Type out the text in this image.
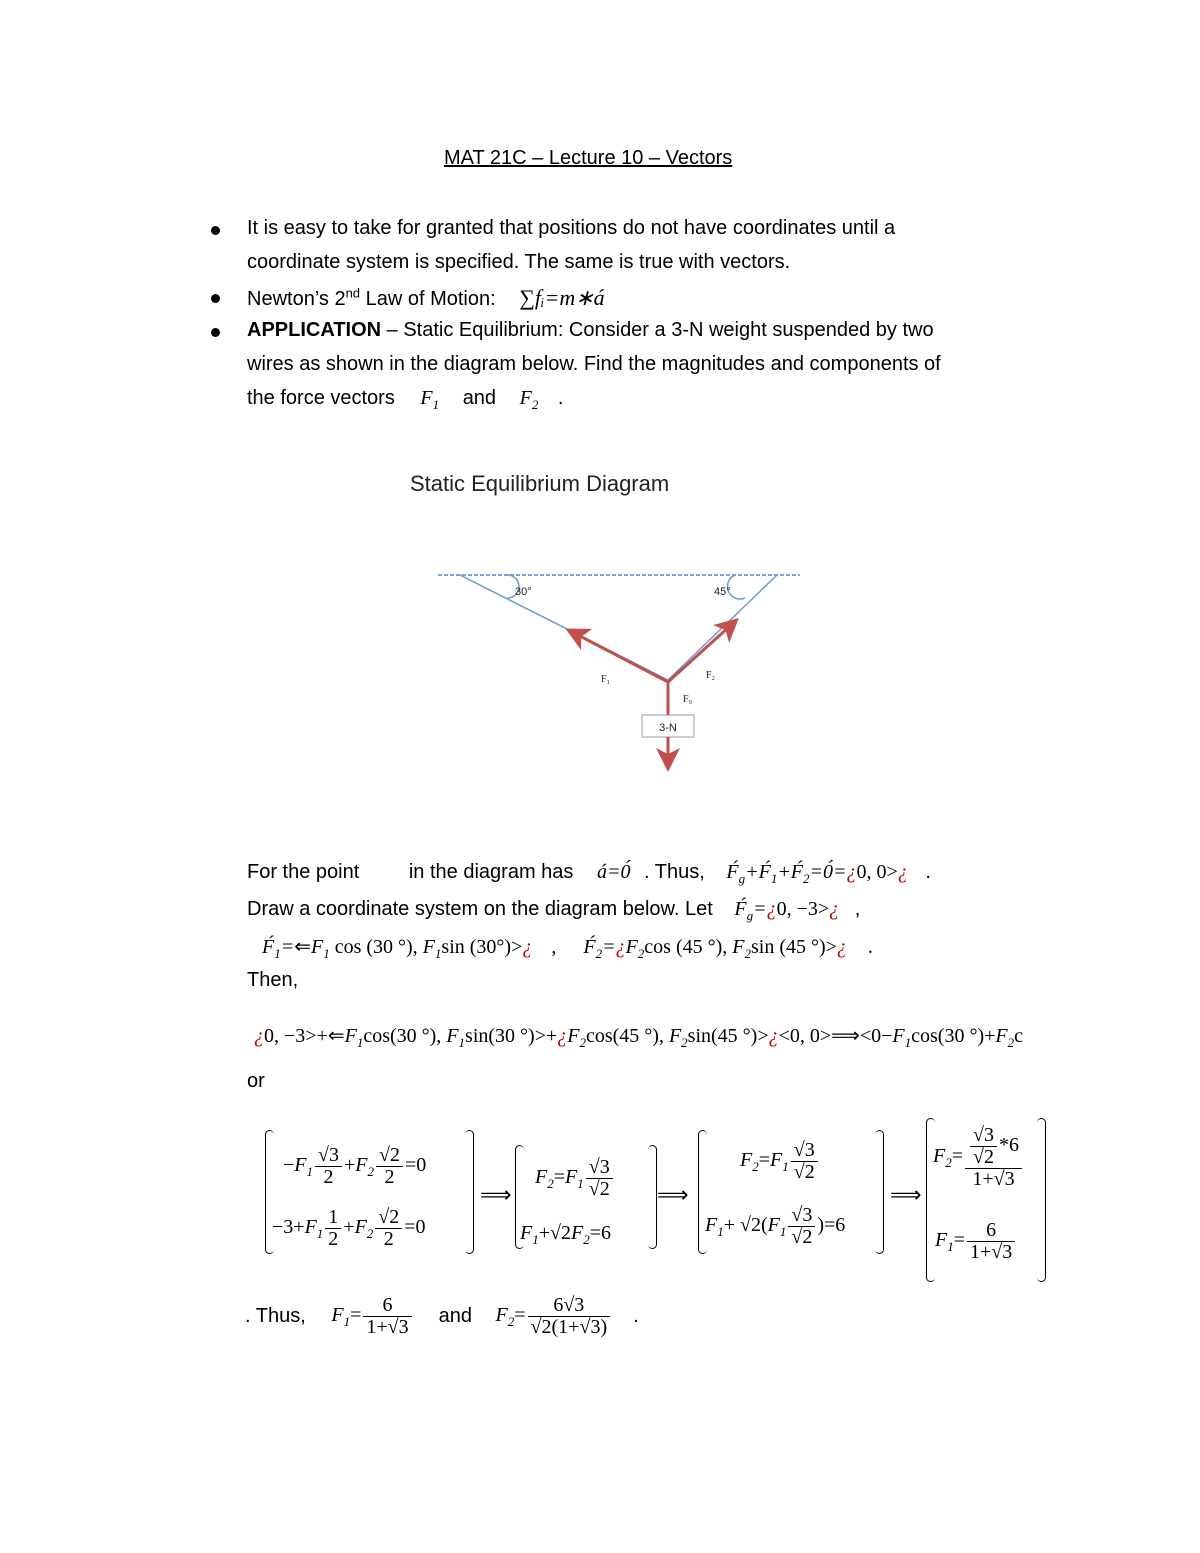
MAT 21C – Lecture 10 – Vectors
It is easy to take for granted that positions do not have coordinates until a
coordinate system is specified. The same is true with vectors.
Newton’s 2nd Law of Motion: ∑fᵢ=m∗á
APPLICATION – Static Equilibrium: Consider a 3-N weight suspended by two
wires as shown in the diagram below. Find the magnitudes and components of
the force vectors $F_1$ and $F_2$ .
Static Equilibrium Diagram
30°	45°
3-N
F₁	F₂
F₉
For the point in the diagram has á=0́ . Thus, $F́_g+F́_1+F́_2=0́=¿0$, 0>¿ .
Draw a coordinate system on the diagram below. Let $F́_g=¿0$, −3>¿ ,
$F́_1=⇐F_1$ cos (30 °), $F_1\sin$ (30°)>¿ , $F́_2=¿F_2\cos$ (45 °), $F_2\sin$ (45 °)>¿ .
Then,
¿0, $-3>+⇐F_1\cos(30$ °), $F_1\sin(30$ $^\circ)>+¿F_2\cos(45$ °), $F_2\sin(45$ °)>¿<0, $0>⟹<0-F_1\cos(30$ $^\circ)+F_2c$
or
$-F_1 \frac{√3}{2} +F_2 \frac{√2}{2} =0$
$-3+F_1 \frac{1}{2} +F_2 \frac{√2}{2} =0$
⟹
$F_2=F_1 \frac{√3}{√2}$
$F_1+√2F_2=6$
⟹
$F_2=F_1 \frac{√3}{√2}$
$F_1+ √2(F_1 \frac{√3}{√2} )=6$
⟹
$F_2= \frac{\frac{√3}{√2} *6}{1+√3}$
$F_1= \frac{6}{1+√3}$
. Thus, $F_1= \frac{6}{1+√3}$ and $F_2= \frac{6√3}{√2(1+√3)}$ .
